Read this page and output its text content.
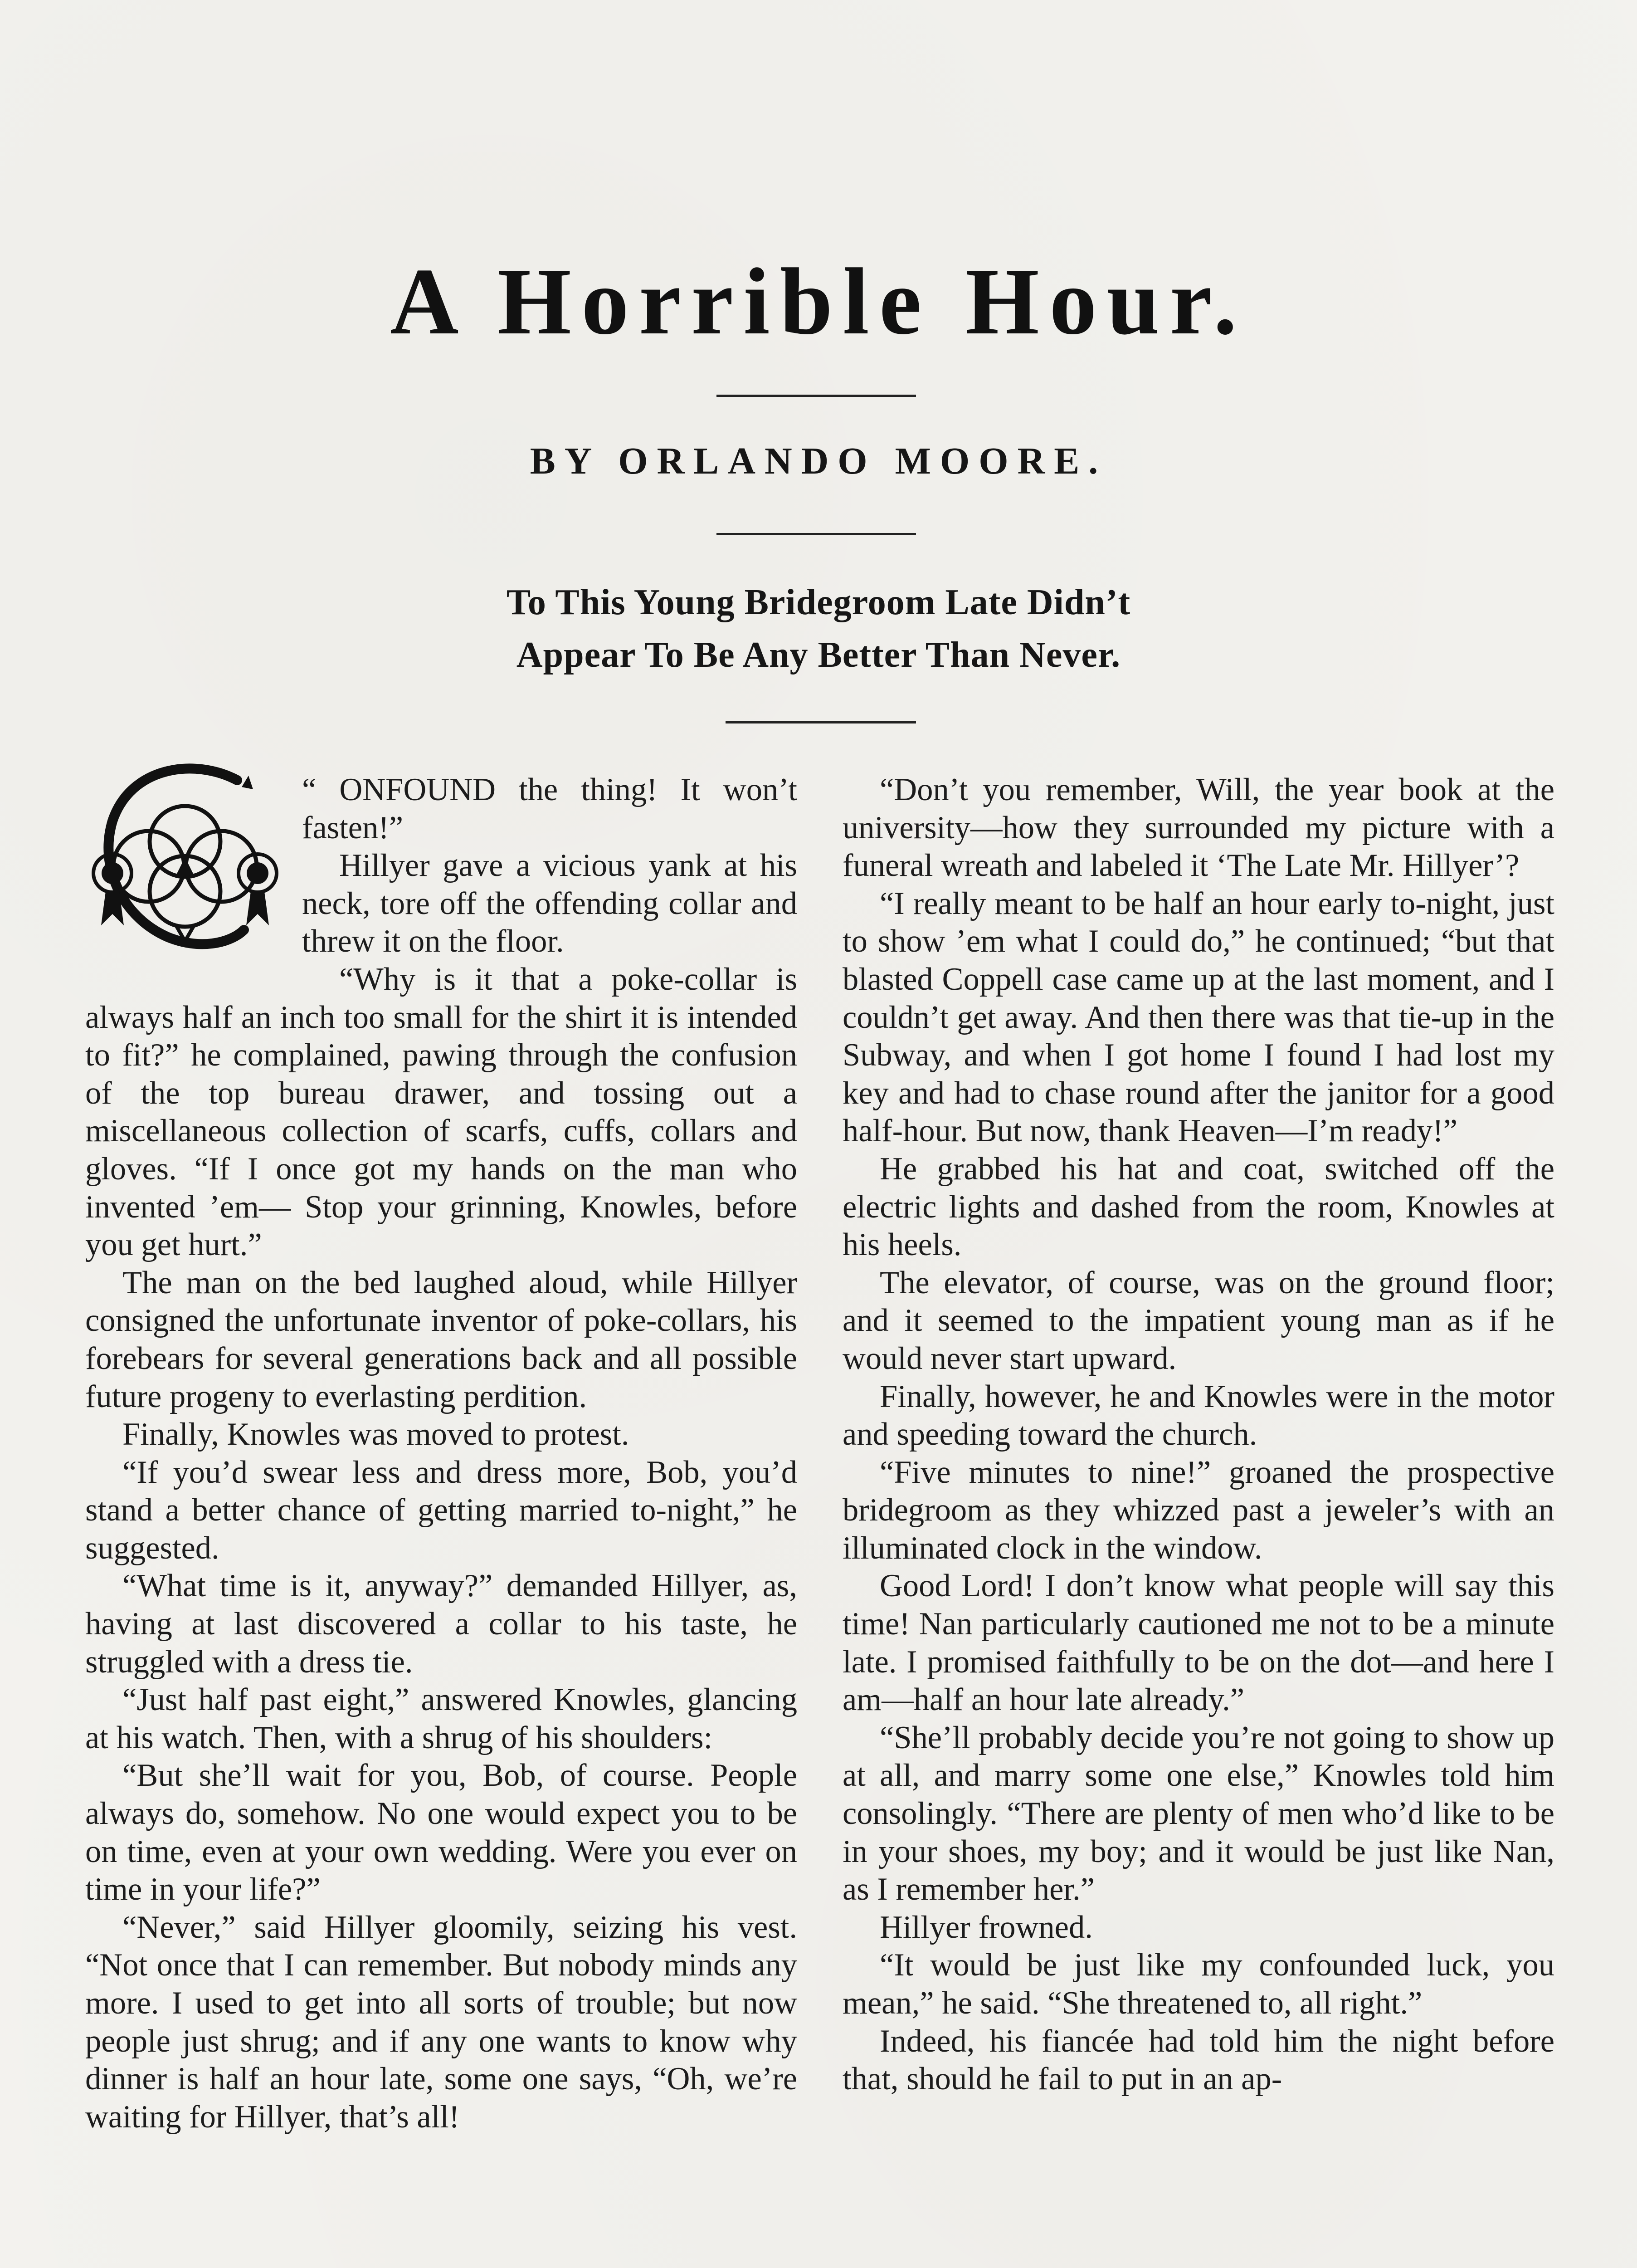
A Horrible Hour.
BY ORLANDO MOORE.
To This Young Bridegroom Late Didn’t
Appear To Be Any Better Than Never.

“ ONFOUND the thing! It won’t fasten!”

Hillyer gave a vicious yank at his neck, tore off the offending collar and threw it on the floor.

“Why is it that a poke-collar is always half an inch too small for the shirt it is intended to fit?” he complained, pawing through the confusion of the top bureau drawer, and tossing out a miscellaneous collection of scarfs, cuffs, collars and gloves. “If I once got my hands on the man who invented ’em— Stop your grinning, Knowles, before you get hurt.”

The man on the bed laughed aloud, while Hillyer consigned the unfortunate inventor of poke-collars, his forebears for several generations back and all possible future progeny to everlasting perdition.

Finally, Knowles was moved to protest.

“If you’d swear less and dress more, Bob, you’d stand a better chance of getting married to-night,” he suggested.

“What time is it, anyway?” demanded Hillyer, as, having at last discovered a collar to his taste, he struggled with a dress tie.

“Just half past eight,” answered Knowles, glancing at his watch. Then, with a shrug of his shoulders:

“But she’ll wait for you, Bob, of course. People always do, somehow. No one would expect you to be on time, even at your own wedding. Were you ever on time in your life?”

“Never,” said Hillyer gloomily, seizing his vest. “Not once that I can remember. But nobody minds any more. I used to get into all sorts of trouble; but now people just shrug; and if any one wants to know why dinner is half an hour late, some one says, “Oh, we’re waiting for Hillyer, that’s all!

“Don’t you remember, Will, the year book at the university—how they surrounded my picture with a funeral wreath and labeled it ‘The Late Mr. Hillyer’?

“I really meant to be half an hour early to-night, just to show ’em what I could do,” he continued; “but that blasted Coppell case came up at the last moment, and I couldn’t get away. And then there was that tie-up in the Subway, and when I got home I found I had lost my key and had to chase round after the janitor for a good half-hour. But now, thank Heaven—I’m ready!”

He grabbed his hat and coat, switched off the electric lights and dashed from the room, Knowles at his heels.

The elevator, of course, was on the ground floor; and it seemed to the impatient young man as if he would never start upward.

Finally, however, he and Knowles were in the motor and speeding toward the church.

“Five minutes to nine!” groaned the prospective bridegroom as they whizzed past a jeweler’s with an illuminated clock in the window.

Good Lord! I don’t know what people will say this time! Nan particularly cautioned me not to be a minute late. I promised faithfully to be on the dot—and here I am—half an hour late already.”

“She’ll probably decide you’re not going to show up at all, and marry some one else,” Knowles told him consolingly. “There are plenty of men who’d like to be in your shoes, my boy; and it would be just like Nan, as I remember her.”

Hillyer frowned.

“It would be just like my confounded luck, you mean,” he said. “She threatened to, all right.”

Indeed, his fiancée had told him the night before that, should he fail to put in an ap-
